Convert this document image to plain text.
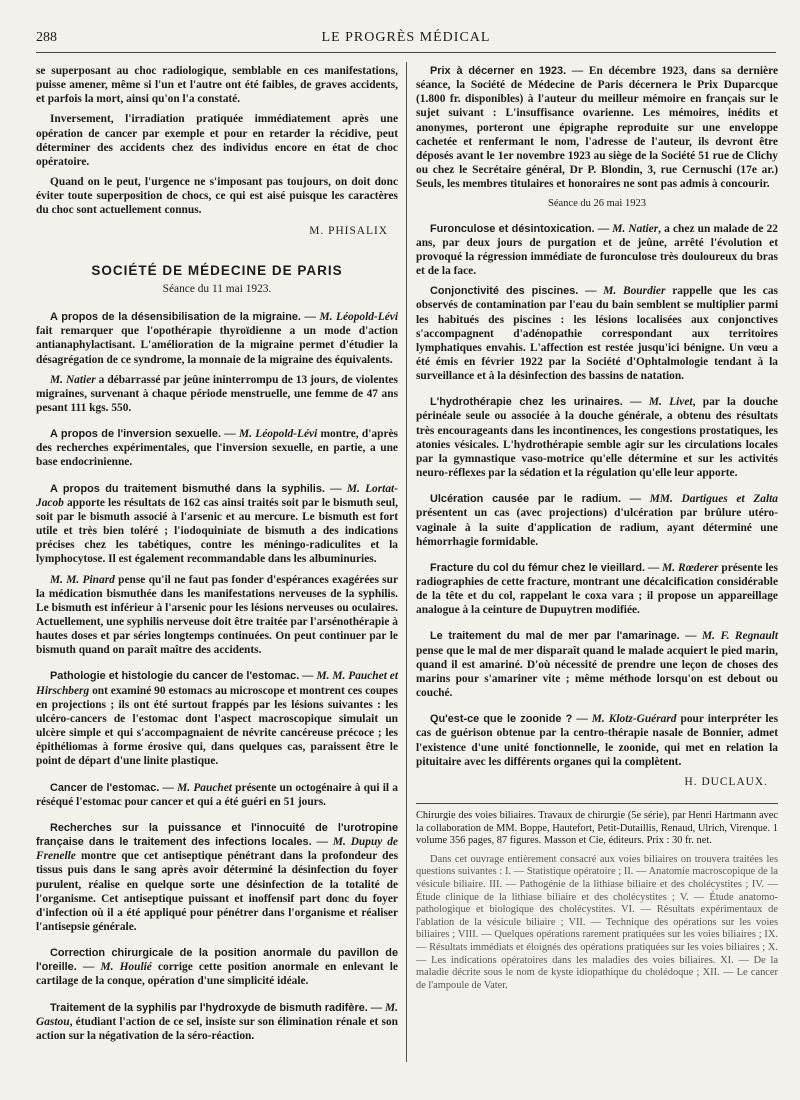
288	LE PROGRÈS MÉDICAL

se superposant au choc radiologique, semblable en ces manifestations, puisse amener, même si l'un et l'autre ont été faibles, de graves accidents, et parfois la mort, ainsi qu'on l'a constaté.

Inversement, l'irradiation pratiquée immédiatement après une opération de cancer par exemple et pour en retarder la récidive, peut déterminer des accidents chez des individus encore en état de choc opératoire.

Quand on le peut, l'urgence ne s'imposant pas toujours, on doit donc éviter toute superposition de chocs, ce qui est aisé puisque les caractères du choc sont actuellement connus.

M. PHISALIX
SOCIÉTÉ DE MÉDECINE DE PARIS
Séance du 11 mai 1923.

A propos de la désensibilisation de la migraine. — M. Léopold-Lévi fait remarquer que l'opothérapie thyroïdienne a un mode d'action antianaphylactisant. L'amélioration de la migraine permet d'étudier la désagrégation de ce syndrome, la monnaie de la migraine des équivalents.

M. Natier a débarrassé par jeûne ininterrompu de 13 jours, de violentes migraines, survenant à chaque période menstruelle, une femme de 47 ans pesant 111 kgs. 550.

A propos de l'inversion sexuelle. — M. Léopold-Lévi montre, d'après des recherches expérimentales, que l'inversion sexuelle, en partie, a une base endocrinienne.

A propos du traitement bismuthé dans la syphilis. — M. Lortat-Jacob apporte les résultats de 162 cas ainsi traités soit par le bismuth seul, soit par le bismuth associé à l'arsenic et au mercure. Le bismuth est fort utile et très bien toléré ; l'iodoquiniate de bismuth a des indications précises chez les tabétiques, contre les méningo-radiculites et la lymphocytose. Il est également recommandable dans les albuminuries.

M. M. Pinard pense qu'il ne faut pas fonder d'espérances exagérées sur la médication bismuthée dans les manifestations nerveuses de la syphilis. Le bismuth est inférieur à l'arsenic pour les lésions nerveuses ou oculaires. Actuellement, une syphilis nerveuse doit être traitée par l'arsénothérapie à hautes doses et par séries longtemps continuées. On peut continuer par le bismuth quand on paraît maître des accidents.

Pathologie et histologie du cancer de l'estomac. — M. M. Pauchet et Hirschberg ont examiné 90 estomacs au microscope et montrent ces coupes en projections ; ils ont été surtout frappés par les lésions suivantes : les ulcéro-cancers de l'estomac dont l'aspect macroscopique simulait un ulcère simple et qui s'accompagnaient de névrite cancéreuse précoce ; les épithéliomas à forme érosive qui, dans quelques cas, paraissent être le point de départ d'une linite plastique.

Cancer de l'estomac. — M. Pauchet présente un octogénaire à qui il a réséqué l'estomac pour cancer et qui a été guéri en 51 jours.

Recherches sur la puissance et l'innocuité de l'urotropine française dans le traitement des infections locales. — M. Dupuy de Frenelle montre que cet antiseptique pénétrant dans la profondeur des tissus puis dans le sang après avoir déterminé la désinfection du foyer purulent, réalise en quelque sorte une désinfection de la totalité de l'organisme. Cet antiseptique puissant et inoffensif part donc du foyer d'infection où il a été appliqué pour pénétrer dans l'organisme et réaliser l'antisepsie générale.

Correction chirurgicale de la position anormale du pavillon de l'oreille. — M. Houlié corrige cette position anormale en enlevant le cartilage de la conque, opération d'une simplicité idéale.

Traitement de la syphilis par l'hydroxyde de bismuth radifère. — M. Gastou, étudiant l'action de ce sel, insiste sur son élimination rénale et son action sur la négativation de la séro-réaction.

Prix à décerner en 1923. — En décembre 1923, dans sa dernière séance, la Société de Médecine de Paris décernera le Prix Duparcque (1.800 fr. disponibles) à l'auteur du meilleur mémoire en français sur le sujet suivant : L'insuffisance ovarienne. Les mémoires, inédits et anonymes, porteront une épigraphe reproduite sur une enveloppe cachetée et renfermant le nom, l'adresse de l'auteur, ils devront être déposés avant le 1er novembre 1923 au siège de la Société 51 rue de Clichy ou chez le Secrétaire général, Dr P. Blondin, 3, rue Cernuschi (17e ar.) Seuls, les membres titulaires et honoraires ne sont pas admis à concourir.

Séance du 26 mai 1923

Furonculose et désintoxication. — M. Natier, a chez un malade de 22 ans, par deux jours de purgation et de jeûne, arrêté l'évolution et provoqué la régression immédiate de furonculose très douloureux du bras et de la face.

Conjonctivité des piscines. — M. Bourdier rappelle que les cas observés de contamination par l'eau du bain semblent se multiplier parmi les habitués des piscines : les lésions localisées aux conjonctives s'accompagnent d'adénopathie correspondant aux territoires lymphatiques envahis. L'affection est restée jusqu'ici bénigne. Un vœu a été émis en février 1922 par la Société d'Ophtalmologie tendant à la surveillance et à la désinfection des bassins de natation.

L'hydrothérapie chez les urinaires. — M. Livet, par la douche périnéale seule ou associée à la douche générale, a obtenu des résultats très encourageants dans les incontinences, les congestions prostatiques, les atonies vésicales. L'hydrothérapie semble agir sur les circulations locales par la gymnastique vaso-motrice qu'elle détermine et sur les activités neuro-réflexes par la sédation et la régulation qu'elle leur apporte.

Ulcération causée par le radium. — MM. Dartigues et Zalta présentent un cas (avec projections) d'ulcération par brûlure utéro-vaginale à la suite d'application de radium, ayant déterminé une hémorrhagie formidable.

Fracture du col du fémur chez le vieillard. — M. Rœderer présente les radiographies de cette fracture, montrant une décalcification considérable de la tête et du col, rappelant le coxa vara ; il propose un appareillage analogue à la ceinture de Dupuytren modifiée.

Le traitement du mal de mer par l'amarinage. — M. F. Regnault pense que le mal de mer disparaît quand le malade acquiert le pied marin, quand il est amariné. D'où nécessité de prendre une leçon de choses des marins pour s'amariner vite ; même méthode lorsqu'on est debout ou couché.

Qu'est-ce que le zoonide ? — M. Klotz-Guérard pour interpréter les cas de guérison obtenue par la centro-thérapie nasale de Bonnier, admet l'existence d'une unité fonctionnelle, le zoonide, qui met en relation la pituitaire avec les différents organes qui la complètent.

H. DUCLAUX.

Chirurgie des voies biliaires. Travaux de chirurgie (5e série), par Henri Hartmann avec la collaboration de MM. Boppe, Hautefort, Petit-Dutaillis, Renaud, Ulrich, Virenque. 1 volume 356 pages, 87 figures. Masson et Cie, éditeurs. Prix : 30 fr. net.

Dans cet ouvrage entièrement consacré aux voies biliaires on trouvera traitées les questions suivantes : I. — Statistique opératoire ; II. — Anatomie macroscopique de la vésicule biliaire. III. — Pathogénie de la lithiase biliaire et des cholécystites ; IV. — Étude clinique de la lithiase biliaire et des cholécystites ; V. — Étude anatomo-pathologique et biologique des cholécystites. VI. — Résultats expérimentaux de l'ablation de la vésicule biliaire ; VII. — Technique des opérations sur les voies biliaires ; VIII. — Quelques opérations rarement pratiquées sur les voies biliaires ; IX. — Résultats immédiats et éloignés des opérations pratiquées sur les voies biliaires ; X. — Les indications opératoires dans les maladies des voies biliaires. XI. — De la maladie décrite sous le nom de kyste idiopathique du cholédoque ; XII. — Le cancer de l'ampoule de Vater.
